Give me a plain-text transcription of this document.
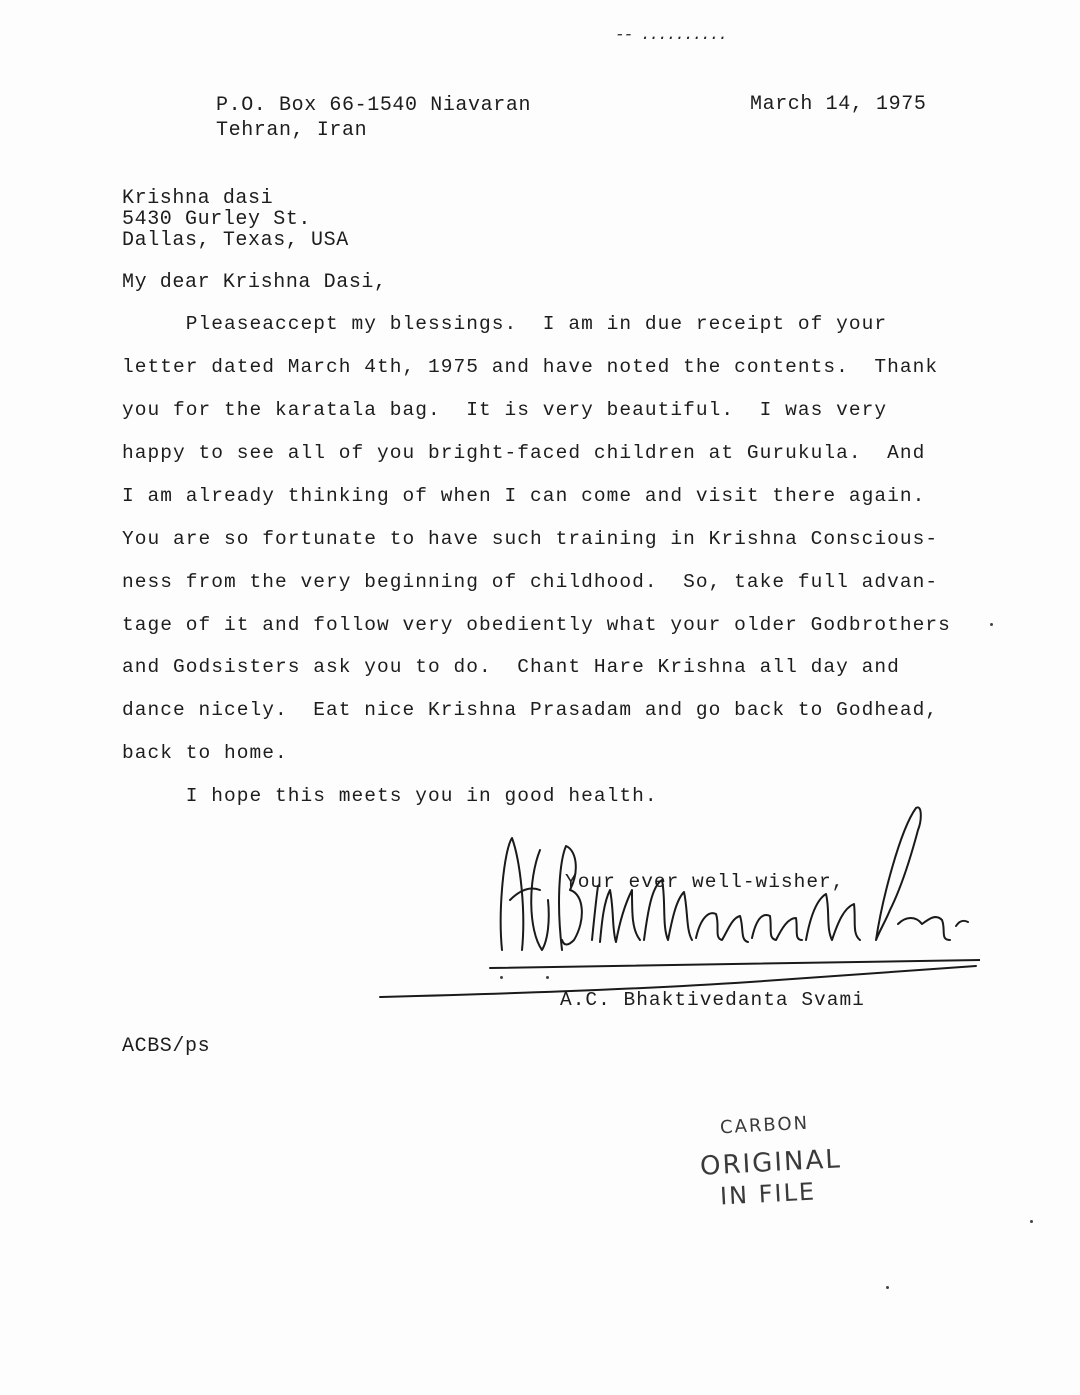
-- ..........
P.O. Box 66-1540 Niavaran
Tehran, Iran
March 14, 1975
Krishna dasi
5430 Gurley St.
Dallas, Texas, USA
My dear Krishna Dasi,
Pleaseaccept my blessings.  I am in due receipt of your
letter dated March 4th, 1975 and have noted the contents.  Thank
you for the karatala bag.  It is very beautiful.  I was very
happy to see all of you bright-faced children at Gurukula.  And
I am already thinking of when I can come and visit there again.
You are so fortunate to have such training in Krishna Conscious-
ness from the very beginning of childhood.  So, take full advan-
tage of it and follow very obediently what your older Godbrothers
and Godsisters ask you to do.  Chant Hare Krishna all day and
dance nicely.  Eat nice Krishna Prasadam and go back to Godhead,
back to home.
I hope this meets you in good health.
Your ever well-wisher,
A.C. Bhaktivedanta Svami
ACBS/ps
CARBON
ORIGINAL
IN FILE
